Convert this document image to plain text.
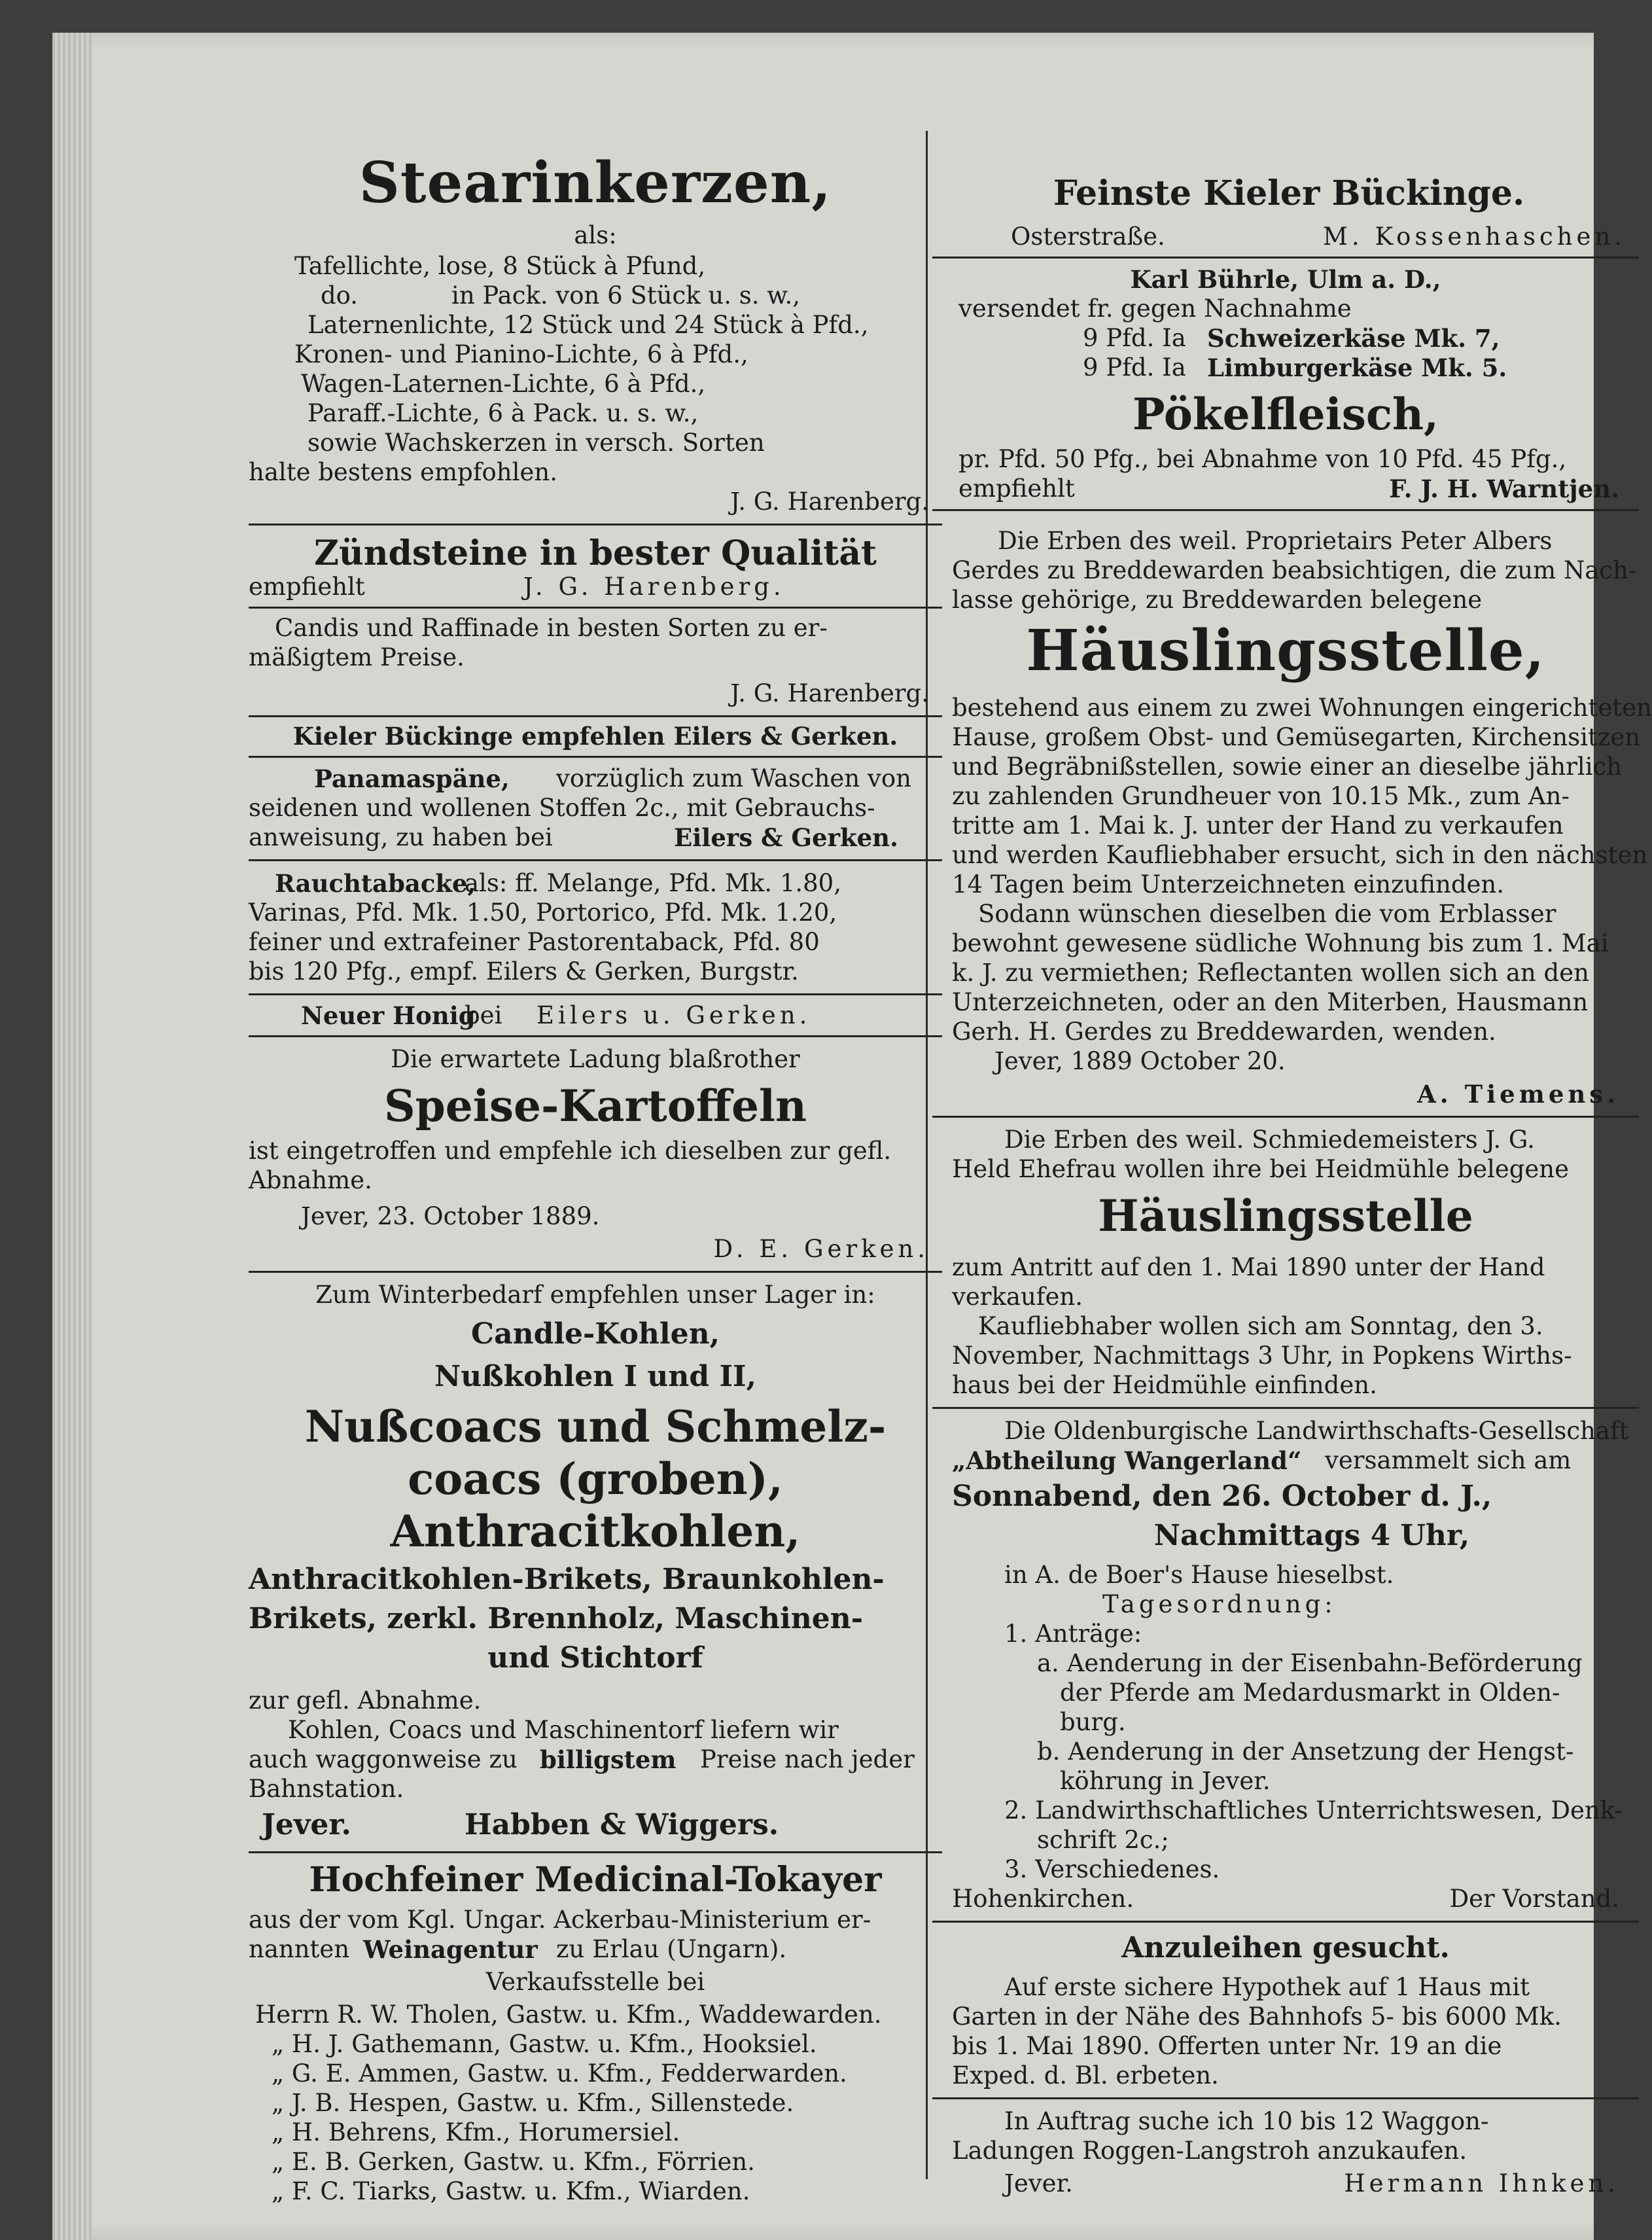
Stearinkerzen,
als:
Tafellichte, lose, 8 Stück à Pfund,
do.	in Pack. von 6 Stück u. s. w.,
Laternenlichte, 12 Stück und 24 Stück à Pfd.,
Kronen- und Pianino-Lichte, 6 à Pfd.,
Wagen-Laternen-Lichte, 6 à Pfd.,
Paraff.-Lichte, 6 à Pack. u. s. w.,
sowie Wachskerzen in versch. Sorten
halte bestens empfohlen.
J. G. Harenberg.
Zündsteine in bester Qualität
empfiehlt	J. G. Harenberg.
Candis und Raffinade in besten Sorten zu er-
mäßigtem Preise.
J. G. Harenberg.
Kieler Bückinge empfehlen Eilers & Gerken.
Panamaspäne, vorzüglich zum Waschen von
seidenen und wollenen Stoffen 2c., mit Gebrauchs-
anweisung, zu haben bei	Eilers & Gerken.
Rauchtabacke,
als: ff. Melange, Pfd. Mk. 1.80,
Varinas, Pfd. Mk. 1.50, Portorico, Pfd. Mk. 1.20,
feiner und extrafeiner Pastorentaback, Pfd. 80
bis 120 Pfg., empf. Eilers & Gerken, Burgstr.
Neuer Honig
bei Eilers u. Gerken.
Die erwartete Ladung blaßrother
Speise-Kartoffeln
ist eingetroffen und empfehle ich dieselben zur gefl.
Abnahme.
Jever, 23. October 1889.
D. E. Gerken.
Zum Winterbedarf empfehlen unser Lager in:
Candle-Kohlen,
Nußkohlen I und II,
Nußcoacs und Schmelz-
coacs (groben),
Anthracitkohlen,
Anthracitkohlen-Brikets, Braunkohlen-
Brikets, zerkl. Brennholz, Maschinen-
und Stichtorf
zur gefl. Abnahme.
Kohlen, Coacs und Maschinentorf liefern wir
auch waggonweise zu billigstem Preise nach jeder
Bahnstation.
Jever.	Habben & Wiggers.
Hochfeiner Medicinal-Tokayer
aus der vom Kgl. Ungar. Ackerbau-Ministerium er-
nannten Weinagentur zu Erlau (Ungarn).
Verkaufsstelle bei
Herrn R. W. Tholen, Gastw. u. Kfm., Waddewarden.
„ H. J. Gathemann, Gastw. u. Kfm., Hooksiel.
„ G. E. Ammen, Gastw. u. Kfm., Fedderwarden.
„ J. B. Hespen, Gastw. u. Kfm., Sillenstede.
„ H. Behrens, Kfm., Horumersiel.
„ E. B. Gerken, Gastw. u. Kfm., Förrien.
„ F. C. Tiarks, Gastw. u. Kfm., Wiarden.
Feinste Kieler Bückinge.
Osterstraße.	M. Kossenhaschen.
Karl Bührle, Ulm a. D.,
versendet fr. gegen Nachnahme
9 Pfd. Ia Schweizerkäse Mk. 7,
9 Pfd. Ia Limburgerkäse Mk. 5.
Pökelfleisch,
pr. Pfd. 50 Pfg., bei Abnahme von 10 Pfd. 45 Pfg.,
empfiehlt	F. J. H. Warntjen.
Die Erben des weil. Proprietairs Peter Albers
Gerdes zu Breddewarden beabsichtigen, die zum Nach-
lasse gehörige, zu Breddewarden belegene
Häuslingsstelle,
bestehend aus einem zu zwei Wohnungen eingerichteten
Hause, großem Obst- und Gemüsegarten, Kirchensitzen
und Begräbnißstellen, sowie einer an dieselbe jährlich
zu zahlenden Grundheuer von 10.15 Mk., zum An-
tritte am 1. Mai k. J. unter der Hand zu verkaufen
und werden Kaufliebhaber ersucht, sich in den nächsten
14 Tagen beim Unterzeichneten einzufinden.
Sodann wünschen dieselben die vom Erblasser
bewohnt gewesene südliche Wohnung bis zum 1. Mai
k. J. zu vermiethen; Reflectanten wollen sich an den
Unterzeichneten, oder an den Miterben, Hausmann
Gerh. H. Gerdes zu Breddewarden, wenden.
Jever, 1889 October 20.
A. Tiemens.
Die Erben des weil. Schmiedemeisters J. G.
Held Ehefrau wollen ihre bei Heidmühle belegene
Häuslingsstelle
zum Antritt auf den 1. Mai 1890 unter der Hand
verkaufen.
Kaufliebhaber wollen sich am Sonntag, den 3.
November, Nachmittags 3 Uhr, in Popkens Wirths-
haus bei der Heidmühle einfinden.
Die Oldenburgische Landwirthschafts-Gesellschaft
„Abtheilung Wangerland“ versammelt sich am
Sonnabend, den 26. October d. J.,
Nachmittags 4 Uhr,
in A. de Boer's Hause hieselbst.
Tagesordnung:
1. Anträge:
a. Aenderung in der Eisenbahn-Beförderung
der Pferde am Medardusmarkt in Olden-
burg.
b. Aenderung in der Ansetzung der Hengst-
köhrung in Jever.
2. Landwirthschaftliches Unterrichtswesen, Denk-
schrift 2c.;
3. Verschiedenes.
Hohenkirchen.	Der Vorstand.
Anzuleihen gesucht.
Auf erste sichere Hypothek auf 1 Haus mit
Garten in der Nähe des Bahnhofs 5- bis 6000 Mk.
bis 1. Mai 1890. Offerten unter Nr. 19 an die
Exped. d. Bl. erbeten.
In Auftrag suche ich 10 bis 12 Waggon-
Ladungen Roggen-Langstroh anzukaufen.
Jever.	Hermann Ihnken.
